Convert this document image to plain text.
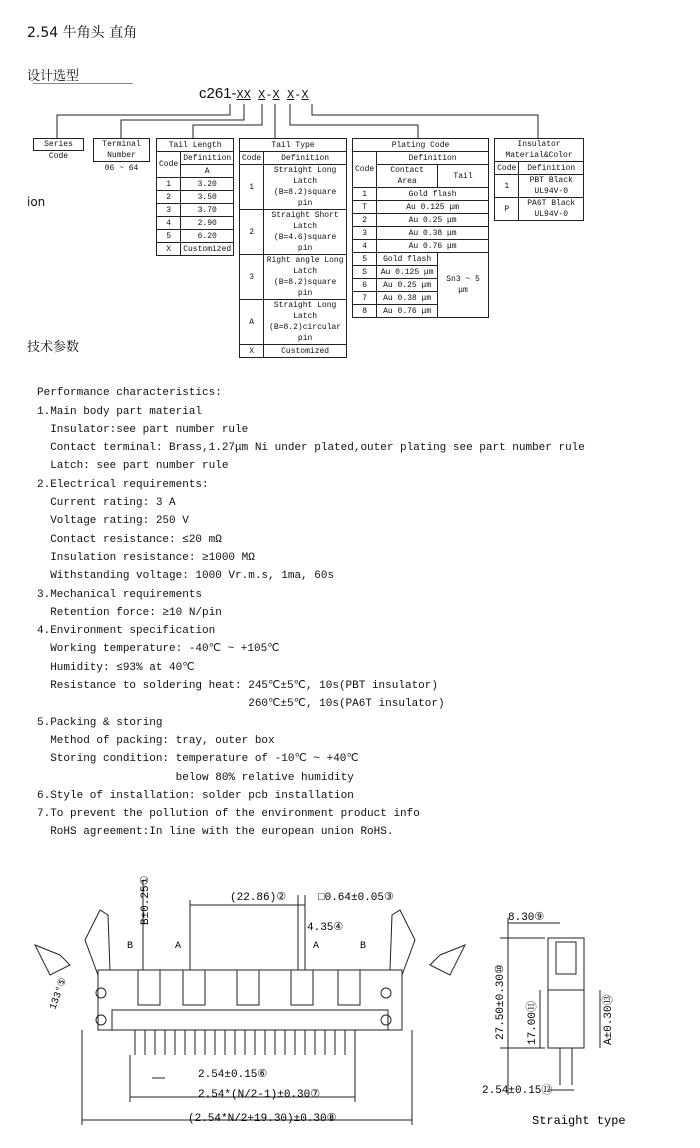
2.54 牛角头 直角
设计选型
ion
c261-XX X-X X-X
Series Code
Terminal Number
06 ~ 64
Tail Length	
Code	Definition
	A
1	3.20
2	3.50
3	3.70
4	2.90
5	6.20
X	Customized
Tail Type	
Code	Definition
1	Straight Long Latch
(B=8.2)square pin
2	Straight Short Latch
(B=4.6)square pin
3	Right angle Long Latch
(B=8.2)square pin
A	Straight Long Latch
(B=8.2)circular pin
X	Customized
Plating Code		
Code	Definition	
	Contact Area	Tail
1	Gold flash	
T	Au 0.125 μm	
2	Au 0.25 μm	
3	Au 0.38 μm	
4	Au 0.76 μm	
5	Gold flash	Sn3 ~ 5 μm
S	Au 0.125 μm	
6	Au 0.25 μm	
7	Au 0.38 μm	
8	Au 0.76 μm	
Insulator Material&Color	
Code	Definition
1	PBT Black UL94V-0
P	PA6T Black UL94V-0
技术参数

Performance characteristics:
1.Main body part material
Insulator:see part number rule
Contact terminal: Brass,1.27μm Ni under plated,outer plating see part number rule
Latch: see part number rule
2.Electrical requirements:
Current rating: 3 A
Voltage rating: 250 V
Contact resistance: ≤20 mΩ
Insulation resistance: ≥1000 MΩ
Withstanding voltage: 1000 Vr.m.s, 1ma, 60s
3.Mechanical requirements
Retention force: ≥10 N/pin
4.Environment specification
Working temperature: -40℃ ~ +105℃
Humidity: ≤93% at 40℃
Resistance to soldering heat: 245℃±5℃, 10s(PBT insulator)
260℃±5℃, 10s(PA6T insulator)
5.Packing & storing
Method of packing: tray, outer box
Storing condition: temperature of -10℃ ~ +40℃
below 80% relative humidity
6.Style of installation: solder pcb installation
7.To prevent the pollution of the environment product info
RoHS agreement:In line with the european union RoHS.

B±0.25①	(22.86)②	□0.64±0.05③
4.35④
133°⑤
2.54±0.15⑥
2.54*(N/2-1)±0.30⑦
(2.54*N/2+19.30)±0.30⑧
B	A	A	B
8.30⑨
27.50±0.30⑩ 17.00⑪	A±0.30⑬
2.54±0.15⑫
Straight type
